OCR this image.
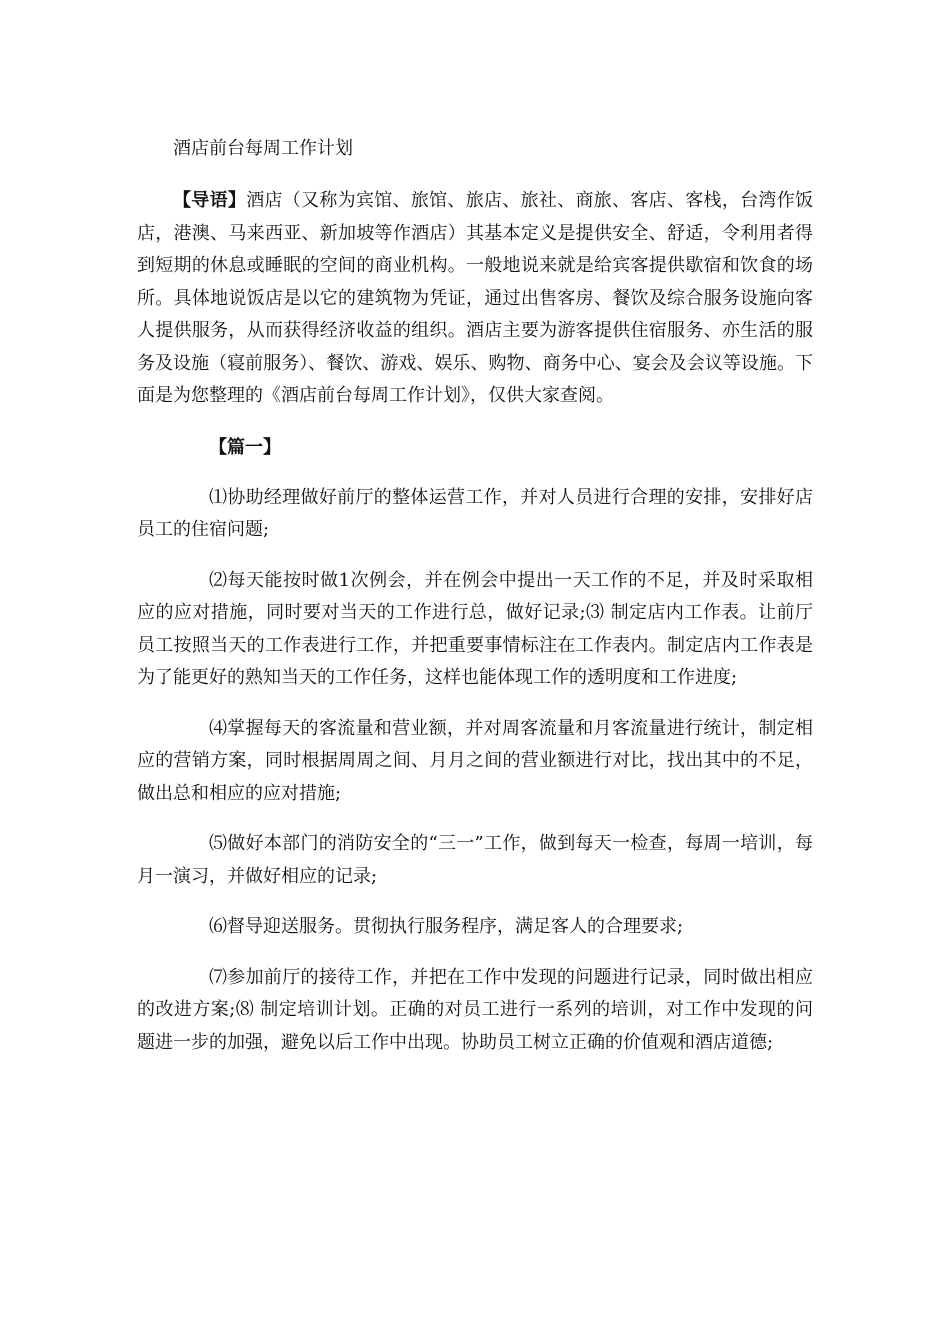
酒店前台每周工作计划

【导语】酒店（又称为宾馆、旅馆、旅店、旅社、商旅、客店、客栈，台湾作饭店，港澳、马来西亚、新加坡等作酒店）其基本定义是提供安全、舒适，令利用者得到短期的休息或睡眠的空间的商业机构。一般地说来就是给宾客提供歇宿和饮食的场所。具体地说饭店是以它的建筑物为凭证，通过出售客房、餐饮及综合服务设施向客人提供服务，从而获得经济收益的组织。酒店主要为游客提供住宿服务、亦生活的服务及设施（寝前服务）、餐饮、游戏、娱乐、购物、商务中心、宴会及会议等设施。下面是为您整理的《酒店前台每周工作计划》，仅供大家查阅。

【篇一】

⑴协助经理做好前厅的整体运营工作，并对人员进行合理的安排，安排好店员工的住宿问题;

⑵每天能按时做1次例会，并在例会中提出一天工作的不足，并及时采取相应的应对措施，同时要对当天的工作进行总，做好记录;⑶ 制定店内工作表。让前厅员工按照当天的工作表进行工作，并把重要事情标注在工作表内。制定店内工作表是为了能更好的熟知当天的工作任务，这样也能体现工作的透明度和工作进度;

⑷掌握每天的客流量和营业额，并对周客流量和月客流量进行统计，制定相应的营销方案，同时根据周周之间、月月之间的营业额进行对比，找出其中的不足，做出总和相应的应对措施;

⑸做好本部门的消防安全的“三一”工作，做到每天一检查，每周一培训，每月一演习，并做好相应的记录;

⑹督导迎送服务。贯彻执行服务程序，满足客人的合理要求;

⑺参加前厅的接待工作，并把在工作中发现的问题进行记录，同时做出相应的改进方案;⑻ 制定培训计划。正确的对员工进行一系列的培训，对工作中发现的问题进一步的加强，避免以后工作中出现。协助员工树立正确的价值观和酒店道德;
